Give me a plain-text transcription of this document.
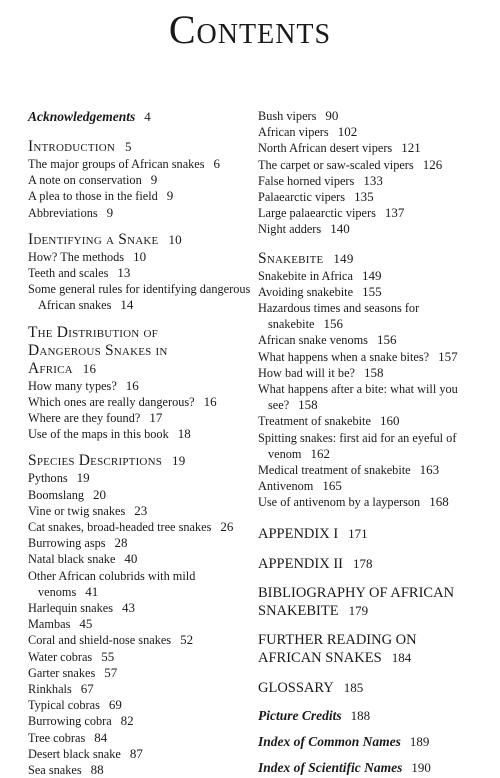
Contents
Acknowledgements 4
Introduction 5
The major groups of African snakes 6
A note on conservation 9
A plea to those in the field 9
Abbreviations 9
Identifying a Snake 10
How? The methods 10
Teeth and scales 13
Some general rules for identifying dangerous
African snakes 14
The Distribution of
Dangerous Snakes in
Africa 16
How many types? 16
Which ones are really dangerous? 16
Where are they found? 17
Use of the maps in this book 18
Species Descriptions 19
Pythons 19
Boomslang 20
Vine or twig snakes 23
Cat snakes, broad-headed tree snakes 26
Burrowing asps 28
Natal black snake 40
Other African colubrids with mild
venoms 41
Harlequin snakes 43
Mambas 45
Coral and shield-nose snakes 52
Water cobras 55
Garter snakes 57
Rinkhals 67
Typical cobras 69
Burrowing cobra 82
Tree cobras 84
Desert black snake 87
Sea snakes 88
Bush vipers 90
African vipers 102
North African desert vipers 121
The carpet or saw-scaled vipers 126
False horned vipers 133
Palaearctic vipers 135
Large palaearctic vipers 137
Night adders 140
Snakebite 149
Snakebite in Africa 149
Avoiding snakebite 155
Hazardous times and seasons for
snakebite 156
African snake venoms 156
What happens when a snake bites? 157
How bad will it be? 158
What happens after a bite: what will you
see? 158
Treatment of snakebite 160
Spitting snakes: first aid for an eyeful of
venom 162
Medical treatment of snakebite 163
Antivenom 165
Use of antivenom by a layperson 168
APPENDIX I 171
APPENDIX II 178
BIBLIOGRAPHY OF AFRICAN
SNAKEBITE 179
FURTHER READING ON
AFRICAN SNAKES 184
GLOSSARY 185
Picture Credits 188
Index of Common Names 189
Index of Scientific Names 190
